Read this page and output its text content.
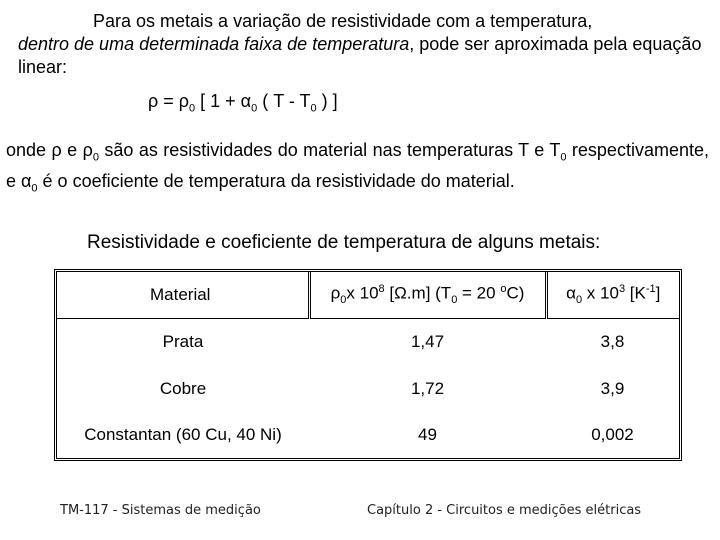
Para os metais a variação de resistividade com a temperatura,
dentro de uma determinada faixa de temperatura, pode ser aproximada pela equação linear:
$\rho = \rho_0$ [ $1 + \alpha_0$ ( T - $T_0$ ) ]
onde ρ e $\rho_0$ são as resistividades do material nas temperaturas T e $T_0$ respectivamente, e $\alpha_0$ é o coeficiente de temperatura da resistividade do material.
Resistividade e coeficiente de temperatura de alguns metais:
Material	$\rho_0x$ $10^8$ [Ω.m] ($T_0 = 20$ $^o$C)	$\alpha_0$ x $10^3$ $[K^{-1}]$
Prata	1,47	3,8
Cobre	1,72	3,9
Constantan (60 Cu, 40 Ni)	49	0,002
TM-117 - Sistemas de medição	Capítulo 2 - Circuitos e medições elétricas
